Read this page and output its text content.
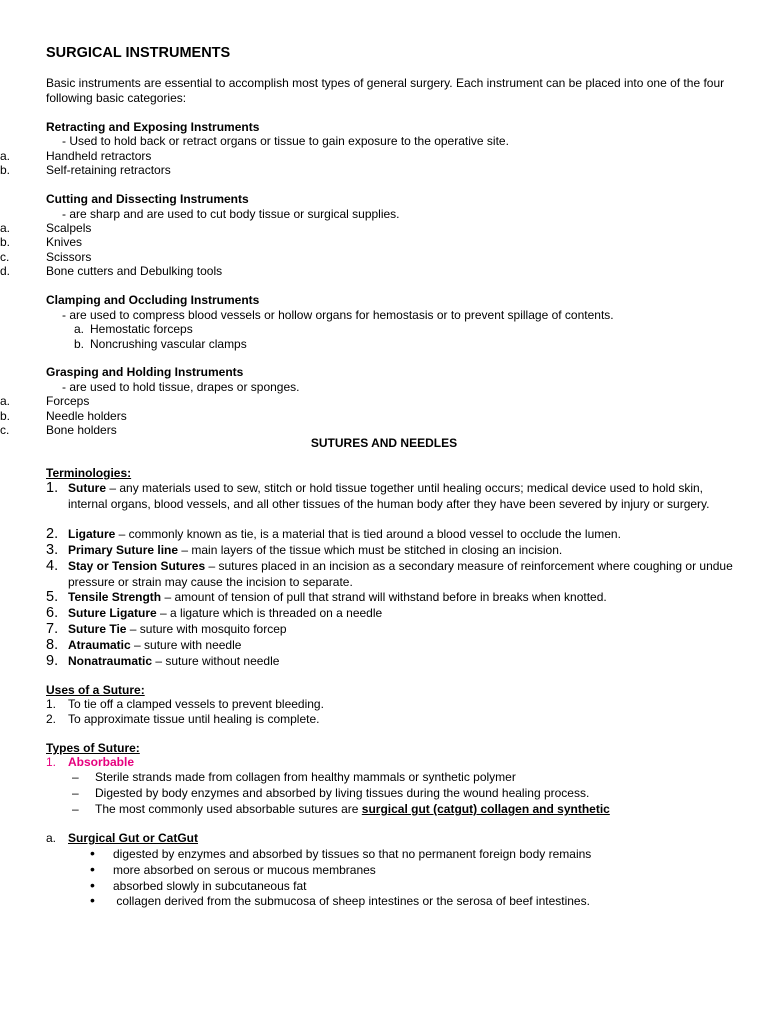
SURGICAL INSTRUMENTS
Basic instruments are essential to accomplish most types of general surgery. Each instrument can be placed into one of the four following basic categories:
Retracting and Exposing Instruments
- Used to hold back or retract organs or tissue to gain exposure to the operative site.
a.	Handheld retractors
b.	Self-retaining retractors
Cutting and Dissecting Instruments
- are sharp and are used to cut body tissue or surgical supplies.
a.	Scalpels
b.	Knives
c.	Scissors
d.	Bone cutters and Debulking tools
Clamping and Occluding Instruments
- are used to compress blood vessels or hollow organs for hemostasis or to prevent spillage of contents.
a. Hemostatic forceps
b. Noncrushing vascular clamps
Grasping and Holding Instruments
- are used to hold tissue, drapes or sponges.
a.	Forceps
b.	Needle holders
c.	Bone holders
SUTURES AND NEEDLES
Terminologies:
1. Suture – any materials used to sew, stitch or hold tissue together until healing occurs; medical device used to hold skin, internal organs, blood vessels, and all other tissues of the human body after they have been severed by injury or surgery.
2. Ligature – commonly known as tie, is a material that is tied around a blood vessel to occlude the lumen.
3. Primary Suture line – main layers of the tissue which must be stitched in closing an incision.
4. Stay or Tension Sutures – sutures placed in an incision as a secondary measure of reinforcement where coughing or undue pressure or strain may cause the incision to separate.
5. Tensile Strength – amount of tension of pull that strand will withstand before in breaks when knotted.
6. Suture Ligature – a ligature which is threaded on a needle
7. Suture Tie – suture with mosquito forcep
8. Atraumatic – suture with needle
9. Nonatraumatic – suture without needle
Uses of a Suture:
1. To tie off a clamped vessels to prevent bleeding.
2. To approximate tissue until healing is complete.
Types of Suture:
1. Absorbable
– Sterile strands made from collagen from healthy mammals or synthetic polymer
– Digested by body enzymes and absorbed by living tissues during the wound healing process.
– The most commonly used absorbable sutures are surgical gut (catgut) collagen and synthetic
a. Surgical Gut or CatGut
• digested by enzymes and absorbed by tissues so that no permanent foreign body remains
• more absorbed on serous or mucous membranes
• absorbed slowly in subcutaneous fat
• collagen derived from the submucosa of sheep intestines or the serosa of beef intestines.
